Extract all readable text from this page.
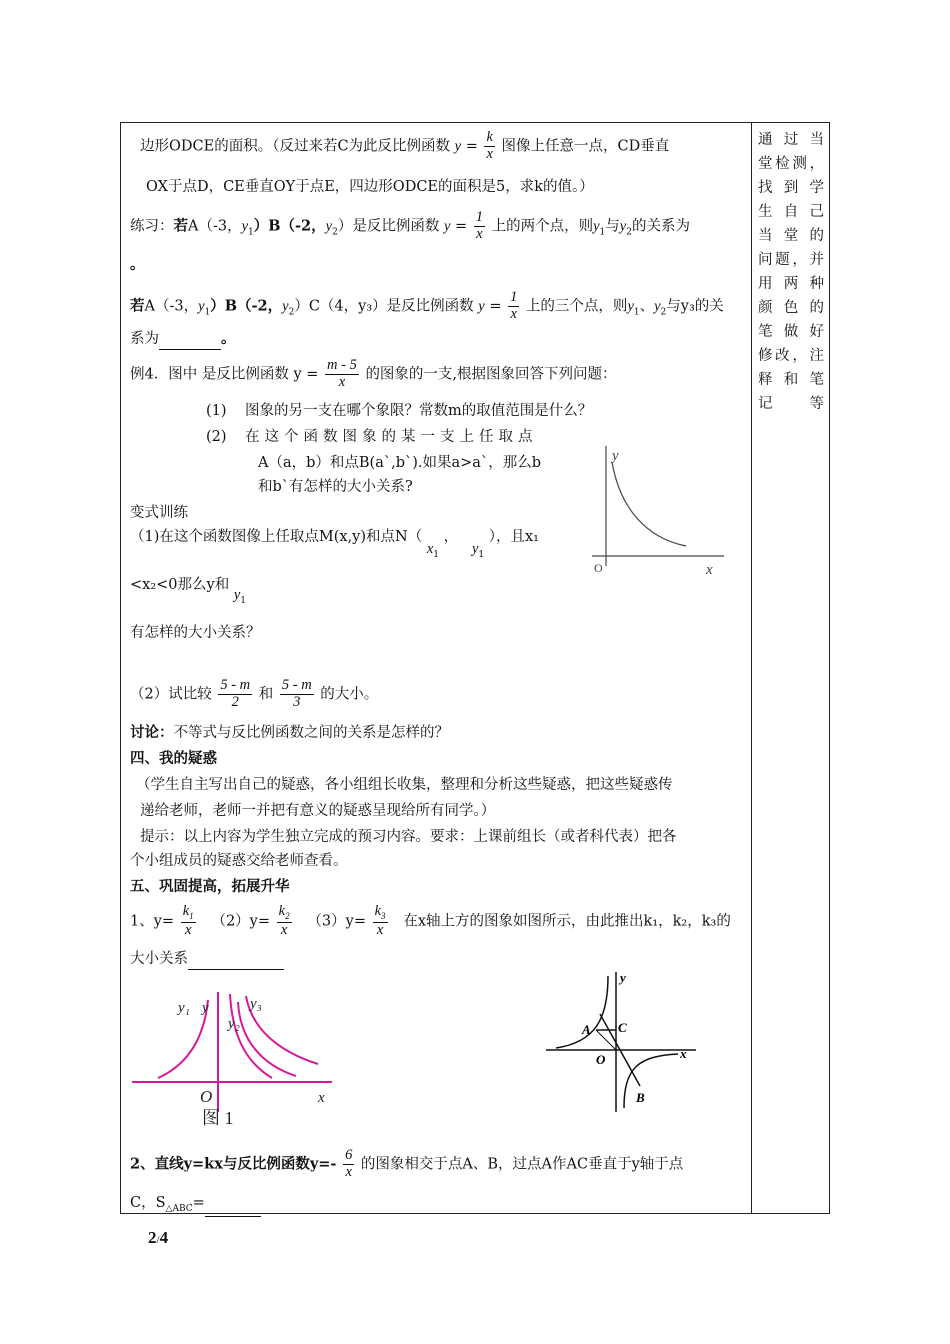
通过当
堂检测，
找到学
生自己
当堂的
问题，并
用两种
颜色的
笔做好
修改，注
释和笔
记等
边形ODCE的面积。（反过来若C为此反比例函数 $y = \frac{k}{x}$ 图像上任意一点，CD垂直
OX于点D，CE垂直OY于点E，四边形ODCE的面积是5，求k的值。）
练习：若A（-3，$y_1)B(-2$，$y_2$）是反比例函数 $y = \frac{1}{x}$ 上的两个点，则$y_1$与$y_2$的关系为
。
若A（-3，$y_1)B(-2$，$y_2)C(4$，y₃）是反比例函数 $y = \frac{1}{x}$ 上的三个点，则$y_1$、$y_2$与y₃的关
系为	。
例4．图中 是反比例函数 $y = \frac{m - 5}{x}$ 的图象的一支,根据图象回答下列问题：
(1) 图象的另一支在哪个象限？常数m的取值范围是什么？
(2) 在这个函数图象的某一支上任取点
A（a，b）和点B(a`,b`).如果a>a`，那么b
和b`有怎样的大小关系?
变式训练
（1)在这个函数图像上任取点M(x,y)和点N（ $x_1$ ，   $y_1$ ），且x₁
<x₂<0那么y和 $y_1$
有怎样的大小关系？
（2）试比较 $\frac{5 - m}{2}$ 和 $\frac{5 - m}{3}$ 的大小。
讨论：不等式与反比例函数之间的关系是怎样的？
四、我的疑惑
（学生自主写出自己的疑惑，各小组组长收集，整理和分析这些疑惑，把这些疑惑传
递给老师，老师一并把有意义的疑惑呈现给所有同学。）
提示：以上内容为学生独立完成的预习内容。要求：上课前组长（或者科代表）把各
个小组成员的疑惑交给老师查看。
五、巩固提高，拓展升华
1、$y= \frac{k_1}{x} (2)y= \frac{k_2}{x} (3)y= \frac{k_3}{x}$ 在x轴上方的图象如图所示，由此推出k₁，k₂，k₃的
大小关系
2、直线y=kx与反比例函数$y=- \frac{6}{x}$ 的图象相交于点A、B，过点A作AC垂直于y轴于点
C，$S_{\triangle ABC}=$
y
x
O
y₁ y
y₂
y₃
O	x
图 1
y
x
O
A C
B
2/4
